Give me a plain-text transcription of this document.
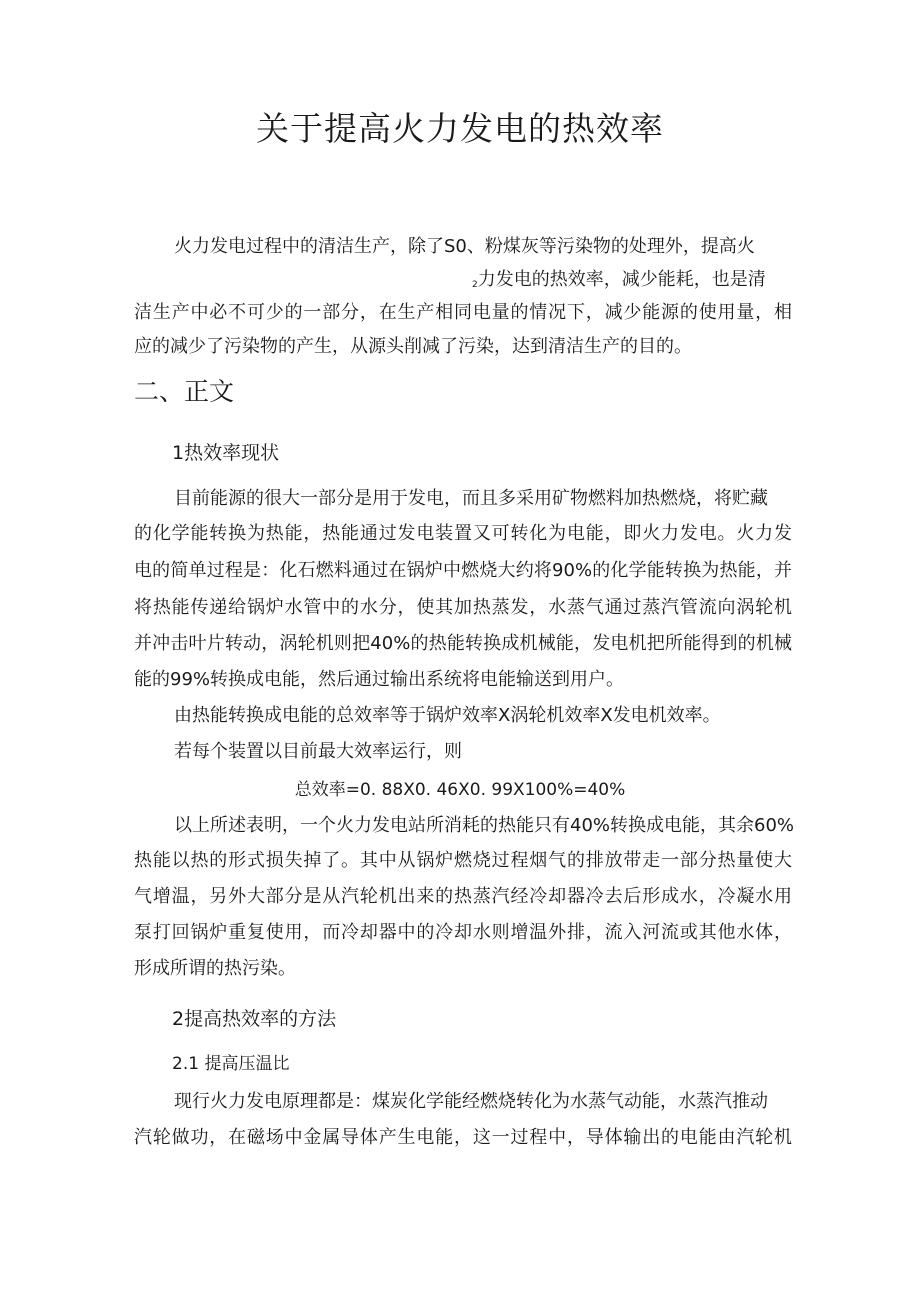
关于提高火力发电的热效率
火力发电过程中的清洁生产，除了S0、粉煤灰等污染物的处理外，提高火
$_2$力发电的热效率，减少能耗，也是清
洁生产中必不可少的一部分，在生产相同电量的情况下，减少能源的使用量，相
应的减少了污染物的产生，从源头削减了污染，达到清洁生产的目的。
二、正文
1热效率现状
目前能源的很大一部分是用于发电，而且多采用矿物燃料加热燃烧，将贮藏
的化学能转换为热能，热能通过发电装置又可转化为电能，即火力发电。火力发
电的简单过程是：化石燃料通过在锅炉中燃烧大约将90%的化学能转换为热能，并
将热能传递给锅炉水管中的水分，使其加热蒸发，水蒸气通过蒸汽管流向涡轮机
并冲击叶片转动，涡轮机则把40%的热能转换成机械能，发电机把所能得到的机械
能的99%转换成电能，然后通过输出系统将电能输送到用户。
由热能转换成电能的总效率等于锅炉效率X涡轮机效率X发电机效率。
若每个装置以目前最大效率运行，则
总效率=0. 88X0. 46X0. 99X100%=40%
以上所述表明，一个火力发电站所消耗的热能只有40%转换成电能，其余60%
热能以热的形式损失掉了。其中从锅炉燃烧过程烟气的排放带走一部分热量使大
气增温，另外大部分是从汽轮机出来的热蒸汽经冷却器冷去后形成水，冷凝水用
泵打回锅炉重复使用，而冷却器中的冷却水则增温外排，流入河流或其他水体，
形成所谓的热污染。
2提高热效率的方法
2.1 提高压温比
现行火力发电原理都是：煤炭化学能经燃烧转化为水蒸气动能，水蒸汽推动
汽轮做功，在磁场中金属导体产生电能，这一过程中，导体输出的电能由汽轮机
